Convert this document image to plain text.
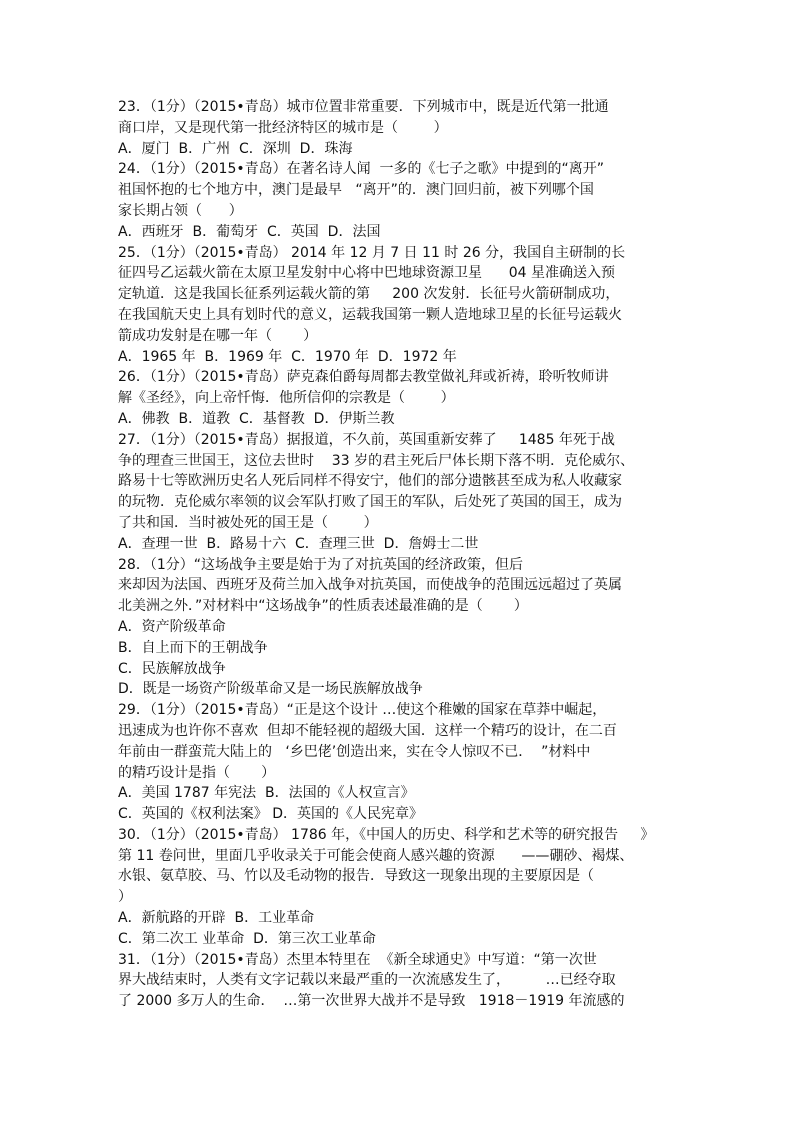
23．（1分）（2015•青岛）城市位置非常重要．下列城市中，既是近代第一批通
商口岸，又是现代第一批经济特区的城市是（        ）
A．厦门  B．广州  C．深圳  D．珠海
24．（1分）（2015•青岛）在著名诗人闻  一多的《七子之歌》中提到的“离开”
祖国怀抱的七个地方中，澳门是最早   “离开”的．澳门回归前，被下列哪个国
家长期占领（      ）
A．西班牙  B．葡萄牙  C．英国  D．法国
25．（1分）（2015•青岛） 2014 年 12 月 7 日 11 时 26 分，我国自主研制的长
征四号乙运载火箭在太原卫星发射中心将中巴地球资源卫星      04 星准确送入预
定轨道．这是我国长征系列运载火箭的第     200 次发射．长征号火箭研制成功，
在我国航天史上具有划时代的意义，运载我国第一颗人造地球卫星的长征号运载火
箭成功发射是在哪一年（       ）
A．1965 年  B．1969 年  C．1970 年  D．1972 年
26．（1分）（2015•青岛）萨克森伯爵每周都去教堂做礼拜或祈祷，聆听牧师讲
解《圣经》，向上帝忏悔．他所信仰的宗教是（        ）
A．佛教  B．道教  C．基督教  D．伊斯兰教
27．（1分）（2015•青岛）据报道，不久前，英国重新安葬了     1485 年死于战
争的理查三世国王，这位去世时    33 岁的君主死后尸体长期下落不明．克伦威尔、
路易十七等欧洲历史名人死后同样不得安宁，他们的部分遗骸甚至成为私人收藏家
的玩物．克伦威尔率领的议会军队打败了国王的军队，后处死了英国的国王，成为
了共和国．当时被处死的国王是（        ）
A．查理一世  B．路易十六  C．查理三世  D．詹姆士二世
28．（1分）“这场战争主要是始于为了对抗英国的经济政策，但后
来却因为法国、西班牙及荷兰加入战争对抗英国，而使战争的范围远远超过了英属
北美洲之外．”对材料中“这场战争”的性质表述最准确的是（       ）
A．资产阶级革命
B．自上而下的王朝战争
C．民族解放战争
D．既是一场资产阶级革命又是一场民族解放战争
29．（1分）（2015•青岛）“正是这个设计 …使这个稚嫩的国家在草莽中崛起，
迅速成为也许你不喜欢  但却不能轻视的超级大国．这样一个精巧的设计，在二百
年前由一群蛮荒大陆上的   ‘乡巴佬’创造出来，实在令人惊叹不已．  ”材料中
的精巧设计是指（       ）
A．美国 1787 年宪法  B．法国的《人权宣言》
C．英国的《权利法案》 D．英国的《人民宪章》
30．（1分）（2015•青岛） 1786 年，《中国人的历史、科学和艺术等的研究报告     》
第 11 卷问世，里面几乎收录关于可能会使商人感兴趣的资源      ——硼砂、褐煤、
水银、氨草胶、马、竹以及毛动物的报告．导致这一现象出现的主要原因是（
）
A．新航路的开辟  B．工业革命
C．第二次工 业革命  D．第三次工业革命
31．（1分）（2015•青岛）杰里本特里在  《新全球通史》中写道：“第一次世
界大战结束时，人类有文字记载以来最严重的一次流感发生了，        …已经夺取
了 2000 多万人的生命．  …第一次世界大战并不是导致   1918－1919 年流感的
